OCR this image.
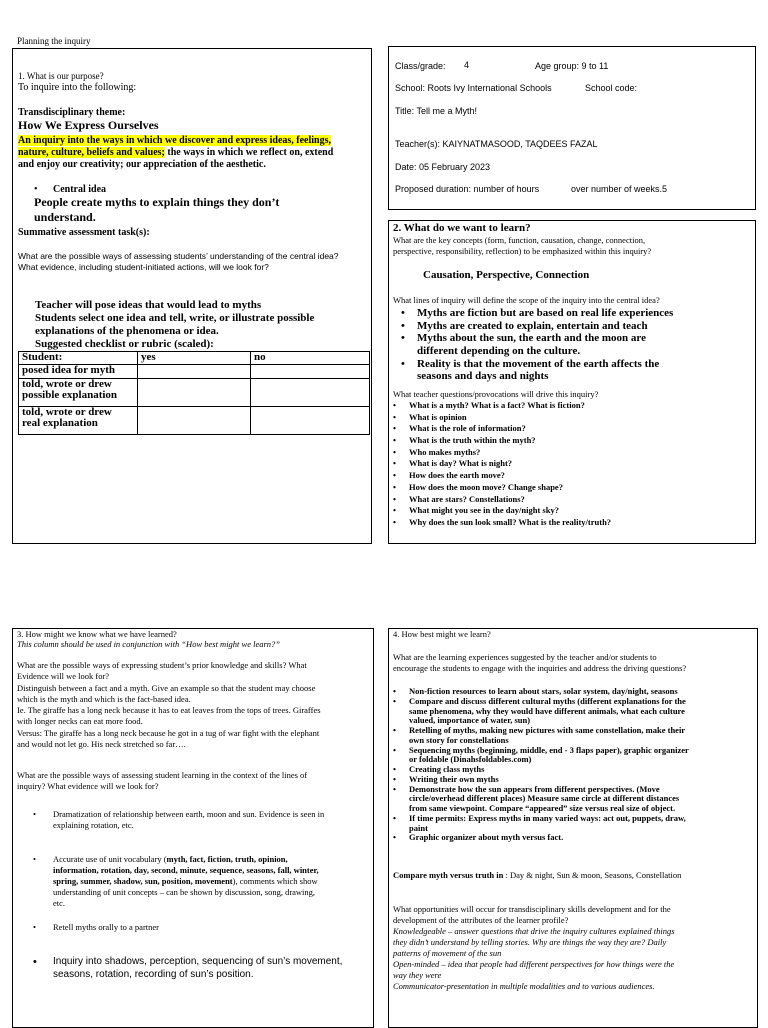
Planning the inquiry
1. What is our purpose?
To inquire into the following:
Transdisciplinary theme:
How We Express Ourselves
An inquiry into the ways in which we discover and express ideas, feelings,
nature, culture, beliefs and values; the ways in which we reflect on, extend
and enjoy our creativity; our appreciation of the aesthetic.
• Central idea
People create myths to explain things they don’t
understand.
Summative assessment task(s):
What are the possible ways of assessing students’ understanding of the central idea?
What evidence, including student-initiated actions, will we look for?
Teacher will pose ideas that would lead to myths
Students select one idea and tell, write, or illustrate possible
explanations of the phenomena or idea.
Suggested checklist or rubric (scaled):
Student:	yes	no
posed idea for myth		

told, wrote or drew
possible explanation		

told, wrote or drew
real explanation		

Class/grade: 4	Age group: 9 to 11
School: Roots Ivy International Schools	School code:
Title: Tell me a Myth!
Teacher(s): KAIYNATMASOOD, TAQDEES FAZAL
Date: 05 February 2023
Proposed duration: number of hours	over number of weeks.5
2. What do we want to learn?
What are the key concepts (form, function, causation, change, connection,
perspective, responsibility, reflection) to be emphasized within this inquiry?
Causation, Perspective, Connection
What lines of inquiry will define the scope of the inquiry into the central idea?
• Myths are fiction but are based on real life experiences
• Myths are created to explain, entertain and teach
• Myths about the sun, the earth and the moon are
different depending on the culture.
• Reality is that the movement of the earth affects the
seasons and days and nights
What teacher questions/provocations will drive this inquiry?
• What is a myth? What is a fact? What is fiction?
• What is opinion
• What is the role of information?
• What is the truth within the myth?
• Who makes myths?
• What is day? What is night?
• How does the earth move?
• How does the moon move? Change shape?
• What are stars? Constellations?
• What might you see in the day/night sky?
• Why does the sun look small? What is the reality/truth?
3. How might we know what we have learned?
This column should be used in conjunction with “How best might we learn?”
What are the possible ways of expressing student’s prior knowledge and skills? What
Evidence will we look for?
Distinguish between a fact and a myth. Give an example so that the student may choose
which is the myth and which is the fact-based idea.
Ie. The giraffe has a long neck because it has to eat leaves from the tops of trees. Giraffes
with longer necks can eat more food.
Versus: The giraffe has a long neck because he got in a tug of war fight with the elephant
and would not let go. His neck stretched so far….
What are the possible ways of assessing student learning in the context of the lines of
inquiry? What evidence will we look for?
• Dramatization of relationship between earth, moon and sun. Evidence is seen in
explaining rotation, etc.
• Accurate use of unit vocabulary (myth, fact, fiction, truth, opinion,
information, rotation, day, second, minute, sequence, seasons, fall, winter,
spring, summer, shadow, sun, position, movement), comments which show
understanding of unit concepts – can be shown by discussion, song, drawing,
etc.
• Retell myths orally to a partner
• Inquiry into shadows, perception, sequencing of sun’s movement,
seasons, rotation, recording of sun’s position.
4. How best might we learn?
What are the learning experiences suggested by the teacher and/or students to
encourage the students to engage with the inquiries and address the driving questions?
• Non-fiction resources to learn about stars, solar system, day/night, seasons
• Compare and discuss different cultural myths (different explanations for the
same phenomena, why they would have different animals, what each culture
valued, importance of water, sun)
• Retelling of myths, making new pictures with same constellation, make their
own story for constellations
• Sequencing myths (beginning, middle, end - 3 flaps paper), graphic organizer
or foldable (Dinahsfoldables.com)
• Creating class myths
• Writing their own myths
• Demonstrate how the sun appears from different perspectives. (Move
circle/overhead different places) Measure same circle at different distances
from same viewpoint. Compare “appeared” size versus real size of object.
• If time permits: Express myths in many varied ways: act out, puppets, draw,
paint
• Graphic organizer about myth versus fact.
Compare myth versus truth in : Day & night, Sun & moon, Seasons, Constellation
What opportunities will occur for transdisciplinary skills development and for the
development of the attributes of the learner profile?
Knowledgeable – answer questions that drive the inquiry cultures explained things
they didn’t understand by telling stories. Why are things the way they are? Daily
patterns of movement of the sun
Open-minded – idea that people had different perspectives for how things were the
way they were
Communicator-presentation in multiple modalities and to various audiences.
